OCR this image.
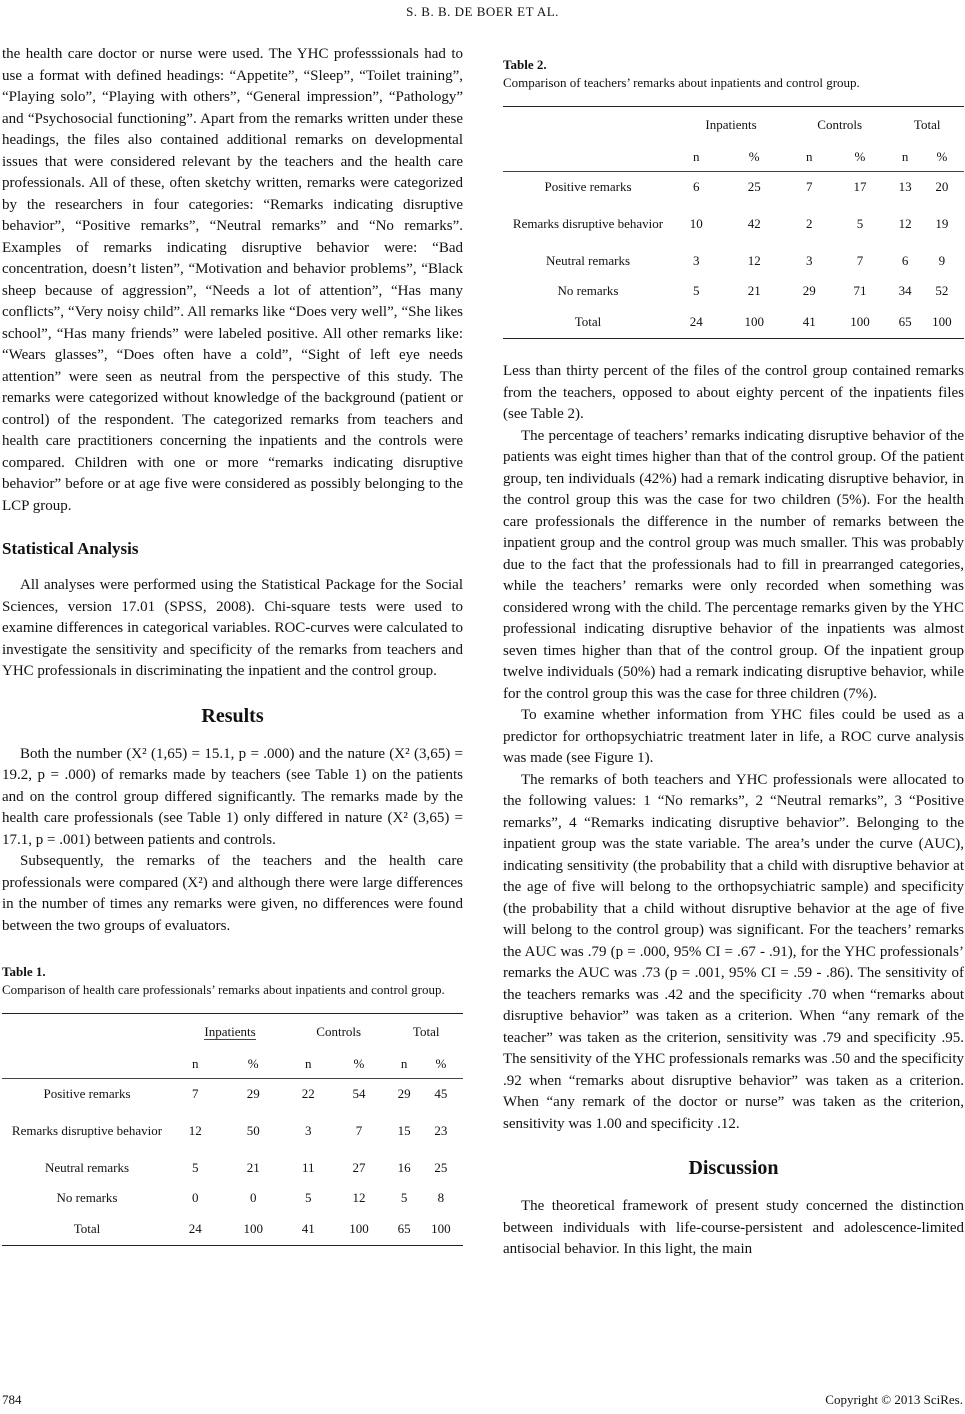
S. B. B. DE BOER ET AL.

the health care doctor or nurse were used. The YHC professsionals had to use a format with defined headings: “Appetite”, “Sleep”, “Toilet training”, “Playing solo”, “Playing with others”, “General impression”, “Pathology” and “Psychosocial functioning”. Apart from the remarks written under these headings, the files also contained additional remarks on developmental issues that were considered relevant by the teachers and the health care professionals. All of these, often sketchy written, remarks were categorized by the researchers in four categories: “Remarks indicating disruptive behavior”, “Positive remarks”, “Neutral remarks” and “No remarks”. Examples of remarks indicating disruptive behavior were: “Bad concentration, doesn’t listen”, “Motivation and behavior problems”, “Black sheep because of aggression”, “Needs a lot of attention”, “Has many conflicts”, “Very noisy child”. All remarks like “Does very well”, “She likes school”, “Has many friends” were labeled positive. All other remarks like: “Wears glasses”, “Does often have a cold”, “Sight of left eye needs attention” were seen as neutral from the perspective of this study. The remarks were categorized without knowledge of the background (patient or control) of the respondent. The categorized remarks from teachers and health care practitioners concerning the inpatients and the controls were compared. Children with one or more “remarks indicating disruptive behavior” before or at age five were considered as possibly belonging to the LCP group.

Statistical Analysis

All analyses were performed using the Statistical Package for the Social Sciences, version 17.01 (SPSS, 2008). Chi-square tests were used to examine differences in categorical variables. ROC-curves were calculated to investigate the sensitivity and specificity of the remarks from teachers and YHC professionals in discriminating the inpatient and the control group.

Results

Both the number (X² (1,65) = 15.1, p = .000) and the nature (X² (3,65) = 19.2, p = .000) of remarks made by teachers (see Table 1) on the patients and on the control group differed significantly. The remarks made by the health care professionals (see Table 1) only differed in nature (X² (3,65) = 17.1, p = .001) between patients and controls.

Subsequently, the remarks of the teachers and the health care professionals were compared (X²) and although there were large differences in the number of times any remarks were given, no differences were found between the two groups of evaluators.

Table 1.
Comparison of health care professionals’ remarks about inpatients and control group.
	Inpatients		Controls		Total	
	n	%	n	%	n	%
Positive remarks	7	29	22	54	29	45
Remarks disruptive behavior	12	50	3	7	15	23
Neutral remarks	5	21	11	27	16	25
No remarks	0	0	5	12	5	8
Total	24	100	41	100	65	100
Table 2.
Comparison of teachers’ remarks about inpatients and control group.
	Inpatients		Controls		Total	
	n	%	n	%	n	%
Positive remarks	6	25	7	17	13	20
Remarks disruptive behavior	10	42	2	5	12	19
Neutral remarks	3	12	3	7	6	9
No remarks	5	21	29	71	34	52
Total	24	100	41	100	65	100

Less than thirty percent of the files of the control group contained remarks from the teachers, opposed to about eighty percent of the inpatients files (see Table 2).

The percentage of teachers’ remarks indicating disruptive behavior of the patients was eight times higher than that of the control group. Of the patient group, ten individuals (42%) had a remark indicating disruptive behavior, in the control group this was the case for two children (5%). For the health care professionals the difference in the number of remarks between the inpatient group and the control group was much smaller. This was probably due to the fact that the professionals had to fill in prearranged categories, while the teachers’ remarks were only recorded when something was considered wrong with the child. The percentage remarks given by the YHC professional indicating disruptive behavior of the inpatients was almost seven times higher than that of the control group. Of the inpatient group twelve individuals (50%) had a remark indicating disruptive behavior, while for the control group this was the case for three children (7%).

To examine whether information from YHC files could be used as a predictor for orthopsychiatric treatment later in life, a ROC curve analysis was made (see Figure 1).

The remarks of both teachers and YHC professionals were allocated to the following values: 1 “No remarks”, 2 “Neutral remarks”, 3 “Positive remarks”, 4 “Remarks indicating disruptive behavior”. Belonging to the inpatient group was the state variable. The area’s under the curve (AUC), indicating sensitivity (the probability that a child with disruptive behavior at the age of five will belong to the orthopsychiatric sample) and specificity (the probability that a child without disruptive behavior at the age of five will belong to the control group) was significant. For the teachers’ remarks the AUC was .79 (p = .000, 95% CI = .67 - .91), for the YHC professionals’ remarks the AUC was .73 (p = .001, 95% CI = .59 - .86). The sensitivity of the teachers remarks was .42 and the specificity .70 when “remarks about disruptive behavior” was taken as a criterion. When “any remark of the teacher” was taken as the criterion, sensitivity was .79 and specificity .95. The sensitivity of the YHC professionals remarks was .50 and the specificity .92 when “remarks about disruptive behavior” was taken as a criterion. When “any remark of the doctor or nurse” was taken as the criterion, sensitivity was 1.00 and specificity .12.

Discussion

The theoretical framework of present study concerned the distinction between individuals with life-course-persistent and adolescence-limited antisocial behavior. In this light, the main

784	Copyright © 2013 SciRes.
